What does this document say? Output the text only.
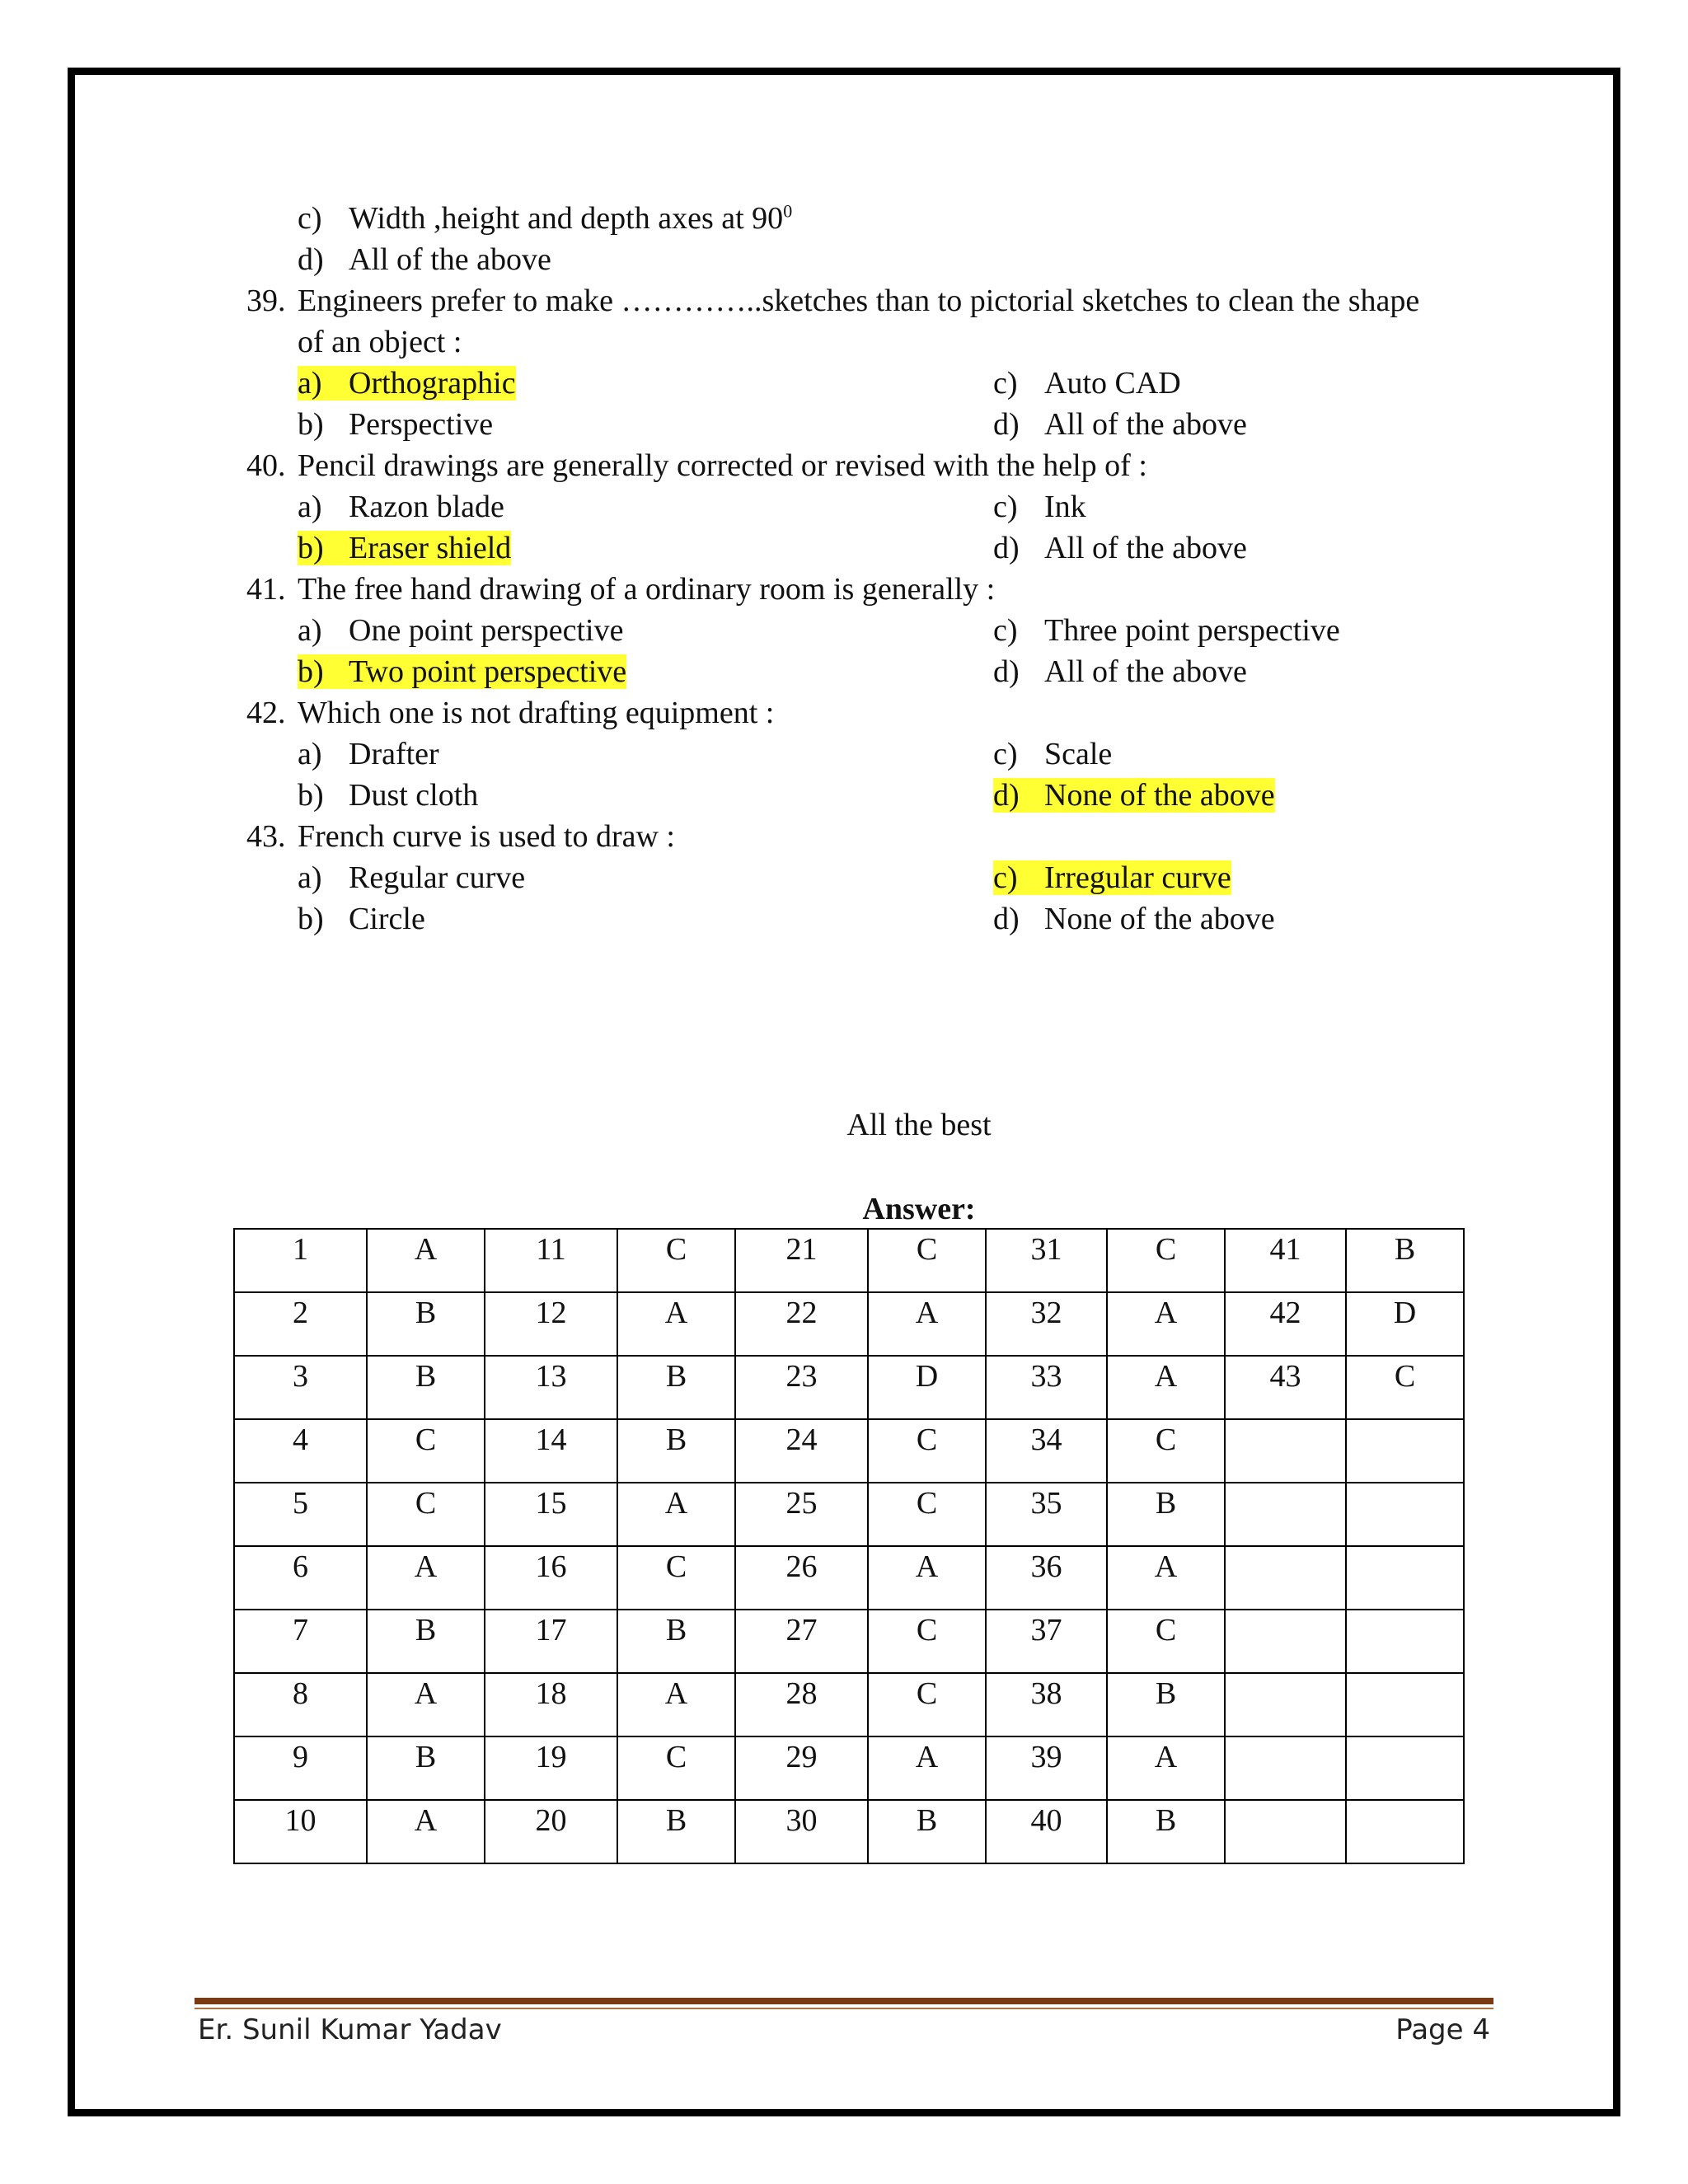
c) Width ,height and depth axes at $90^0$
d) All of the above
39. Engineers prefer to make …………..sketches than to pictorial sketches to clean the shape
of an object :
a) Orthographic	c) Auto CAD
b) Perspective	d) All of the above
40. Pencil drawings are generally corrected or revised with the help of :
a) Razon blade	c) Ink
b) Eraser shield	d) All of the above
41. The free hand drawing of a ordinary room is generally :
a) One point perspective	c) Three point perspective
b) Two point perspective	d) All of the above
42. Which one is not drafting equipment :
a) Drafter	c) Scale
b) Dust cloth	d) None of the above
43. French curve is used to draw :
a) Regular curve	c) Irregular curve
b) Circle	d) None of the above
All the best
Answer:
1	A	11	C	21	C	31	C	41	B
2	B	12	A	22	A	32	A	42	D
3	B	13	B	23	D	33	A	43	C
4	C	14	B	24	C	34	C		
5	C	15	A	25	C	35	B		
6	A	16	C	26	A	36	A		
7	B	17	B	27	C	37	C		
8	A	18	A	28	C	38	B		
9	B	19	C	29	A	39	A		
10	A	20	B	30	B	40	B		
Er. Sunil Kumar Yadav	Page 4
